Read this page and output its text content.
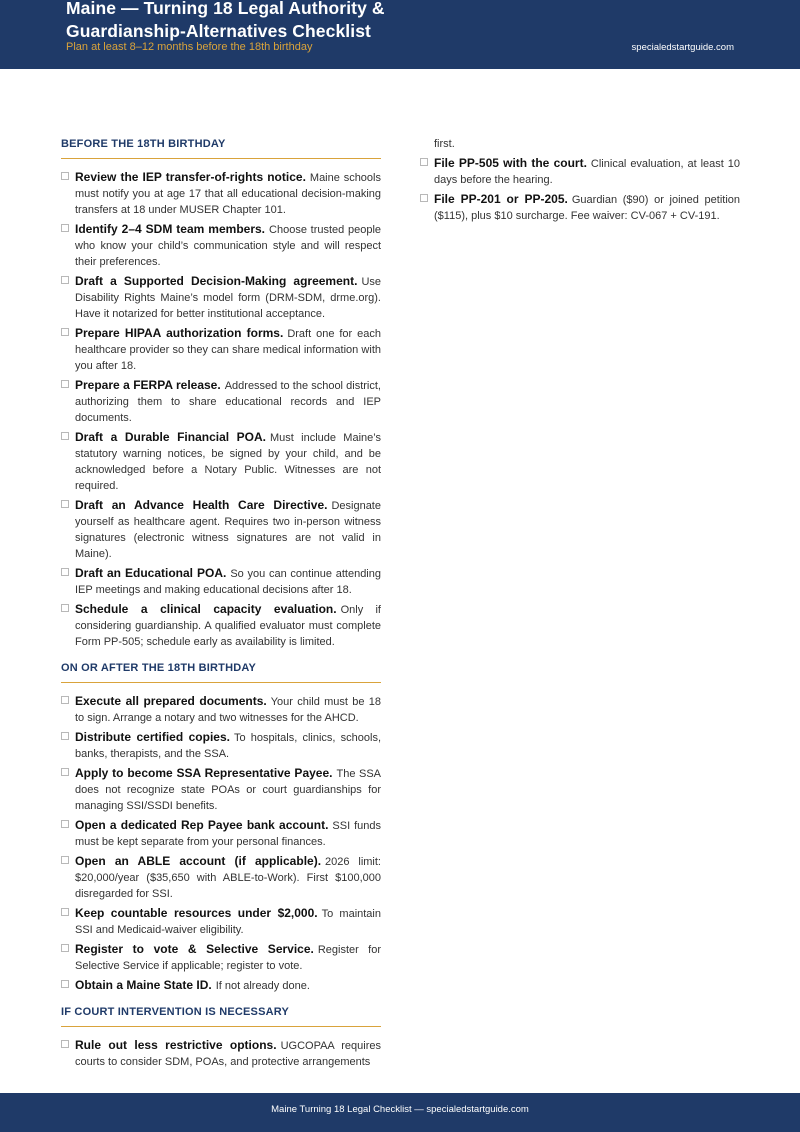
Maine — Turning 18 Legal Authority & Guardianship-Alternatives Checklist
Plan at least 8–12 months before the 18th birthday	specialedstartguide.com
BEFORE THE 18TH BIRTHDAY
Review the IEP transfer-of-rights notice. Maine schools must notify you at age 17 that all educational decision-making transfers at 18 under MUSER Chapter 101.
Identify 2–4 SDM team members. Choose trusted people who know your child’s communication style and will respect their preferences.
Draft a Supported Decision-Making agreement. Use Disability Rights Maine’s model form (DRM-SDM, drme.org). Have it notarized for better institutional acceptance.
Prepare HIPAA authorization forms. Draft one for each healthcare provider so they can share medical information with you after 18.
Prepare a FERPA release. Addressed to the school district, authorizing them to share educational records and IEP documents.
Draft a Durable Financial POA. Must include Maine’s statutory warning notices, be signed by your child, and be acknowledged before a Notary Public. Witnesses are not required.
Draft an Advance Health Care Directive. Designate yourself as healthcare agent. Requires two in-person witness signatures (electronic witness signatures are not valid in Maine).
Draft an Educational POA. So you can continue attending IEP meetings and making educational decisions after 18.
Schedule a clinical capacity evaluation. Only if considering guardianship. A qualified evaluator must complete Form PP-505; schedule early as availability is limited.
ON OR AFTER THE 18TH BIRTHDAY
Execute all prepared documents. Your child must be 18 to sign. Arrange a notary and two witnesses for the AHCD.
Distribute certified copies. To hospitals, clinics, schools, banks, therapists, and the SSA.
Apply to become SSA Representative Payee. The SSA does not recognize state POAs or court guardianships for managing SSI/SSDI benefits.
Open a dedicated Rep Payee bank account. SSI funds must be kept separate from your personal finances.
Open an ABLE account (if applicable). 2026 limit: $20,000/year ($35,650 with ABLE-to-Work). First $100,000 disregarded for SSI.
Keep countable resources under $2,000. To maintain SSI and Medicaid-waiver eligibility.
Register to vote & Selective Service. Register for Selective Service if applicable; register to vote.
Obtain a Maine State ID. If not already done.
IF COURT INTERVENTION IS NECESSARY
Rule out less restrictive options. UGCOPAA requires courts to consider SDM, POAs, and protective arrangements
first.
File PP-505 with the court. Clinical evaluation, at least 10 days before the hearing.
File PP-201 or PP-205. Guardian ($90) or joined petition ($115), plus $10 surcharge. Fee waiver: CV-067 + CV-191.
Maine Turning 18 Legal Checklist — specialedstartguide.com
